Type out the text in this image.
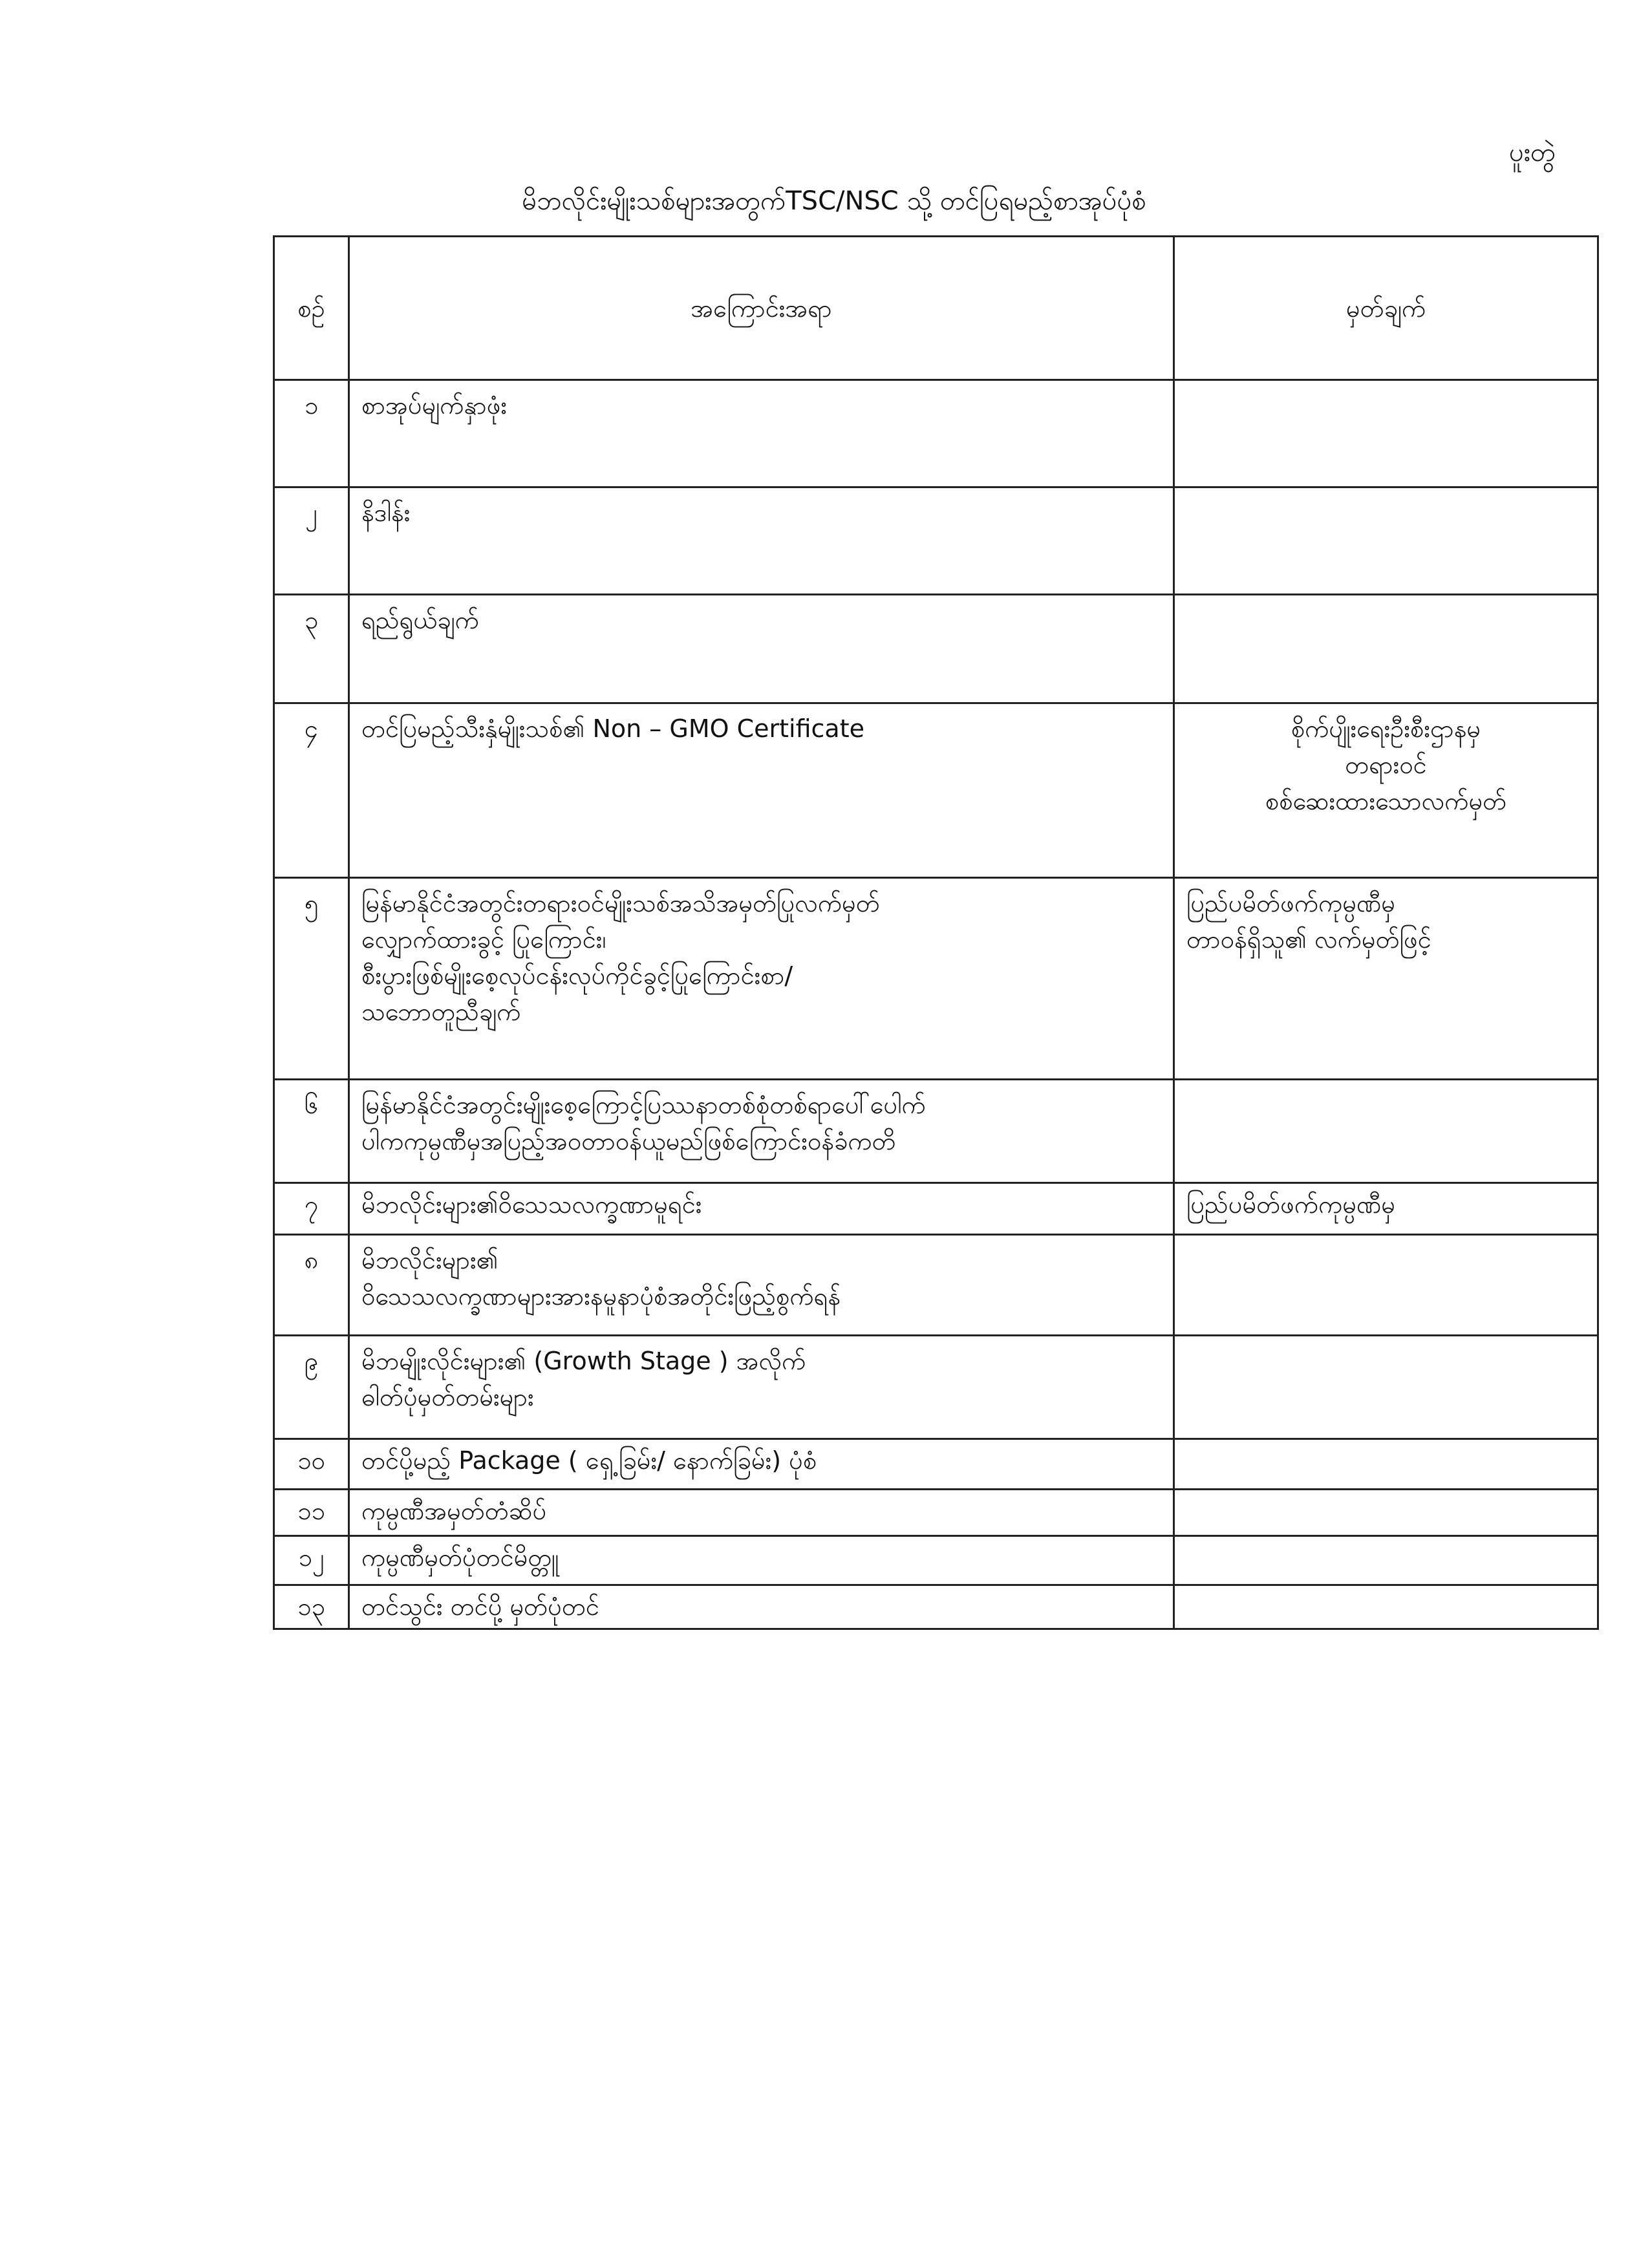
ပူးတွဲ
မိဘလိုင်းမျိုးသစ်များအတွက်TSC/NSC သို့ တင်ပြရမည့်စာအုပ်ပုံစံ
စဉ်	အကြောင်းအရာ	မှတ်ချက်
၁	စာအုပ်မျက်နှာဖုံး	

၂	နိဒါန်း	

၃	ရည်ရွယ်ချက်	

၄	တင်ပြမည့်သီးနှံမျိုးသစ်၏ Non – GMO Certificate	စိုက်ပျိုးရေးဦးစီးဌာနမှ
တရားဝင်
စစ်ဆေးထားသောလက်မှတ်

၅	မြန်မာနိုင်ငံအတွင်းတရားဝင်မျိုးသစ်အသိအမှတ်ပြုလက်မှတ်
လျှောက်ထားခွင့် ပြုကြောင်း၊
စီးပွားဖြစ်မျိုးစေ့လုပ်ငန်းလုပ်ကိုင်ခွင့်ပြုကြောင်းစာ/
သဘောတူညီချက်	ပြည်ပမိတ်ဖက်ကုမ္ပဏီမှ
တာဝန်ရှိသူ၏ လက်မှတ်ဖြင့်

၆	မြန်မာနိုင်ငံအတွင်းမျိုးစေ့ကြောင့်ပြဿနာတစ်စုံတစ်ရာပေါ်ပေါက်
ပါကကုမ္ပဏီမှအပြည့်အဝတာဝန်ယူမည်ဖြစ်ကြောင်းဝန်ခံကတိ	

၇	မိဘလိုင်းများ၏ဝိသေသလက္ခဏာမူရင်း	ပြည်ပမိတ်ဖက်ကုမ္ပဏီမှ

၈	မိဘလိုင်းများ၏
ဝိသေသလက္ခဏာများအားနမူနာပုံစံအတိုင်းဖြည့်စွက်ရန်	

၉	မိဘမျိုးလိုင်းများ၏ (Growth Stage ) အလိုက်
ဓါတ်ပုံမှတ်တမ်းများ	

၁၀	တင်ပို့မည့် Package ( ရှေ့ခြမ်း/ နောက်ခြမ်း) ပုံစံ	

၁၁	ကုမ္ပဏီအမှတ်တံဆိပ်	

၁၂	ကုမ္ပဏီမှတ်ပုံတင်မိတ္တူ	

၁၃	တင်သွင်း တင်ပို့ မှတ်ပုံတင်	
